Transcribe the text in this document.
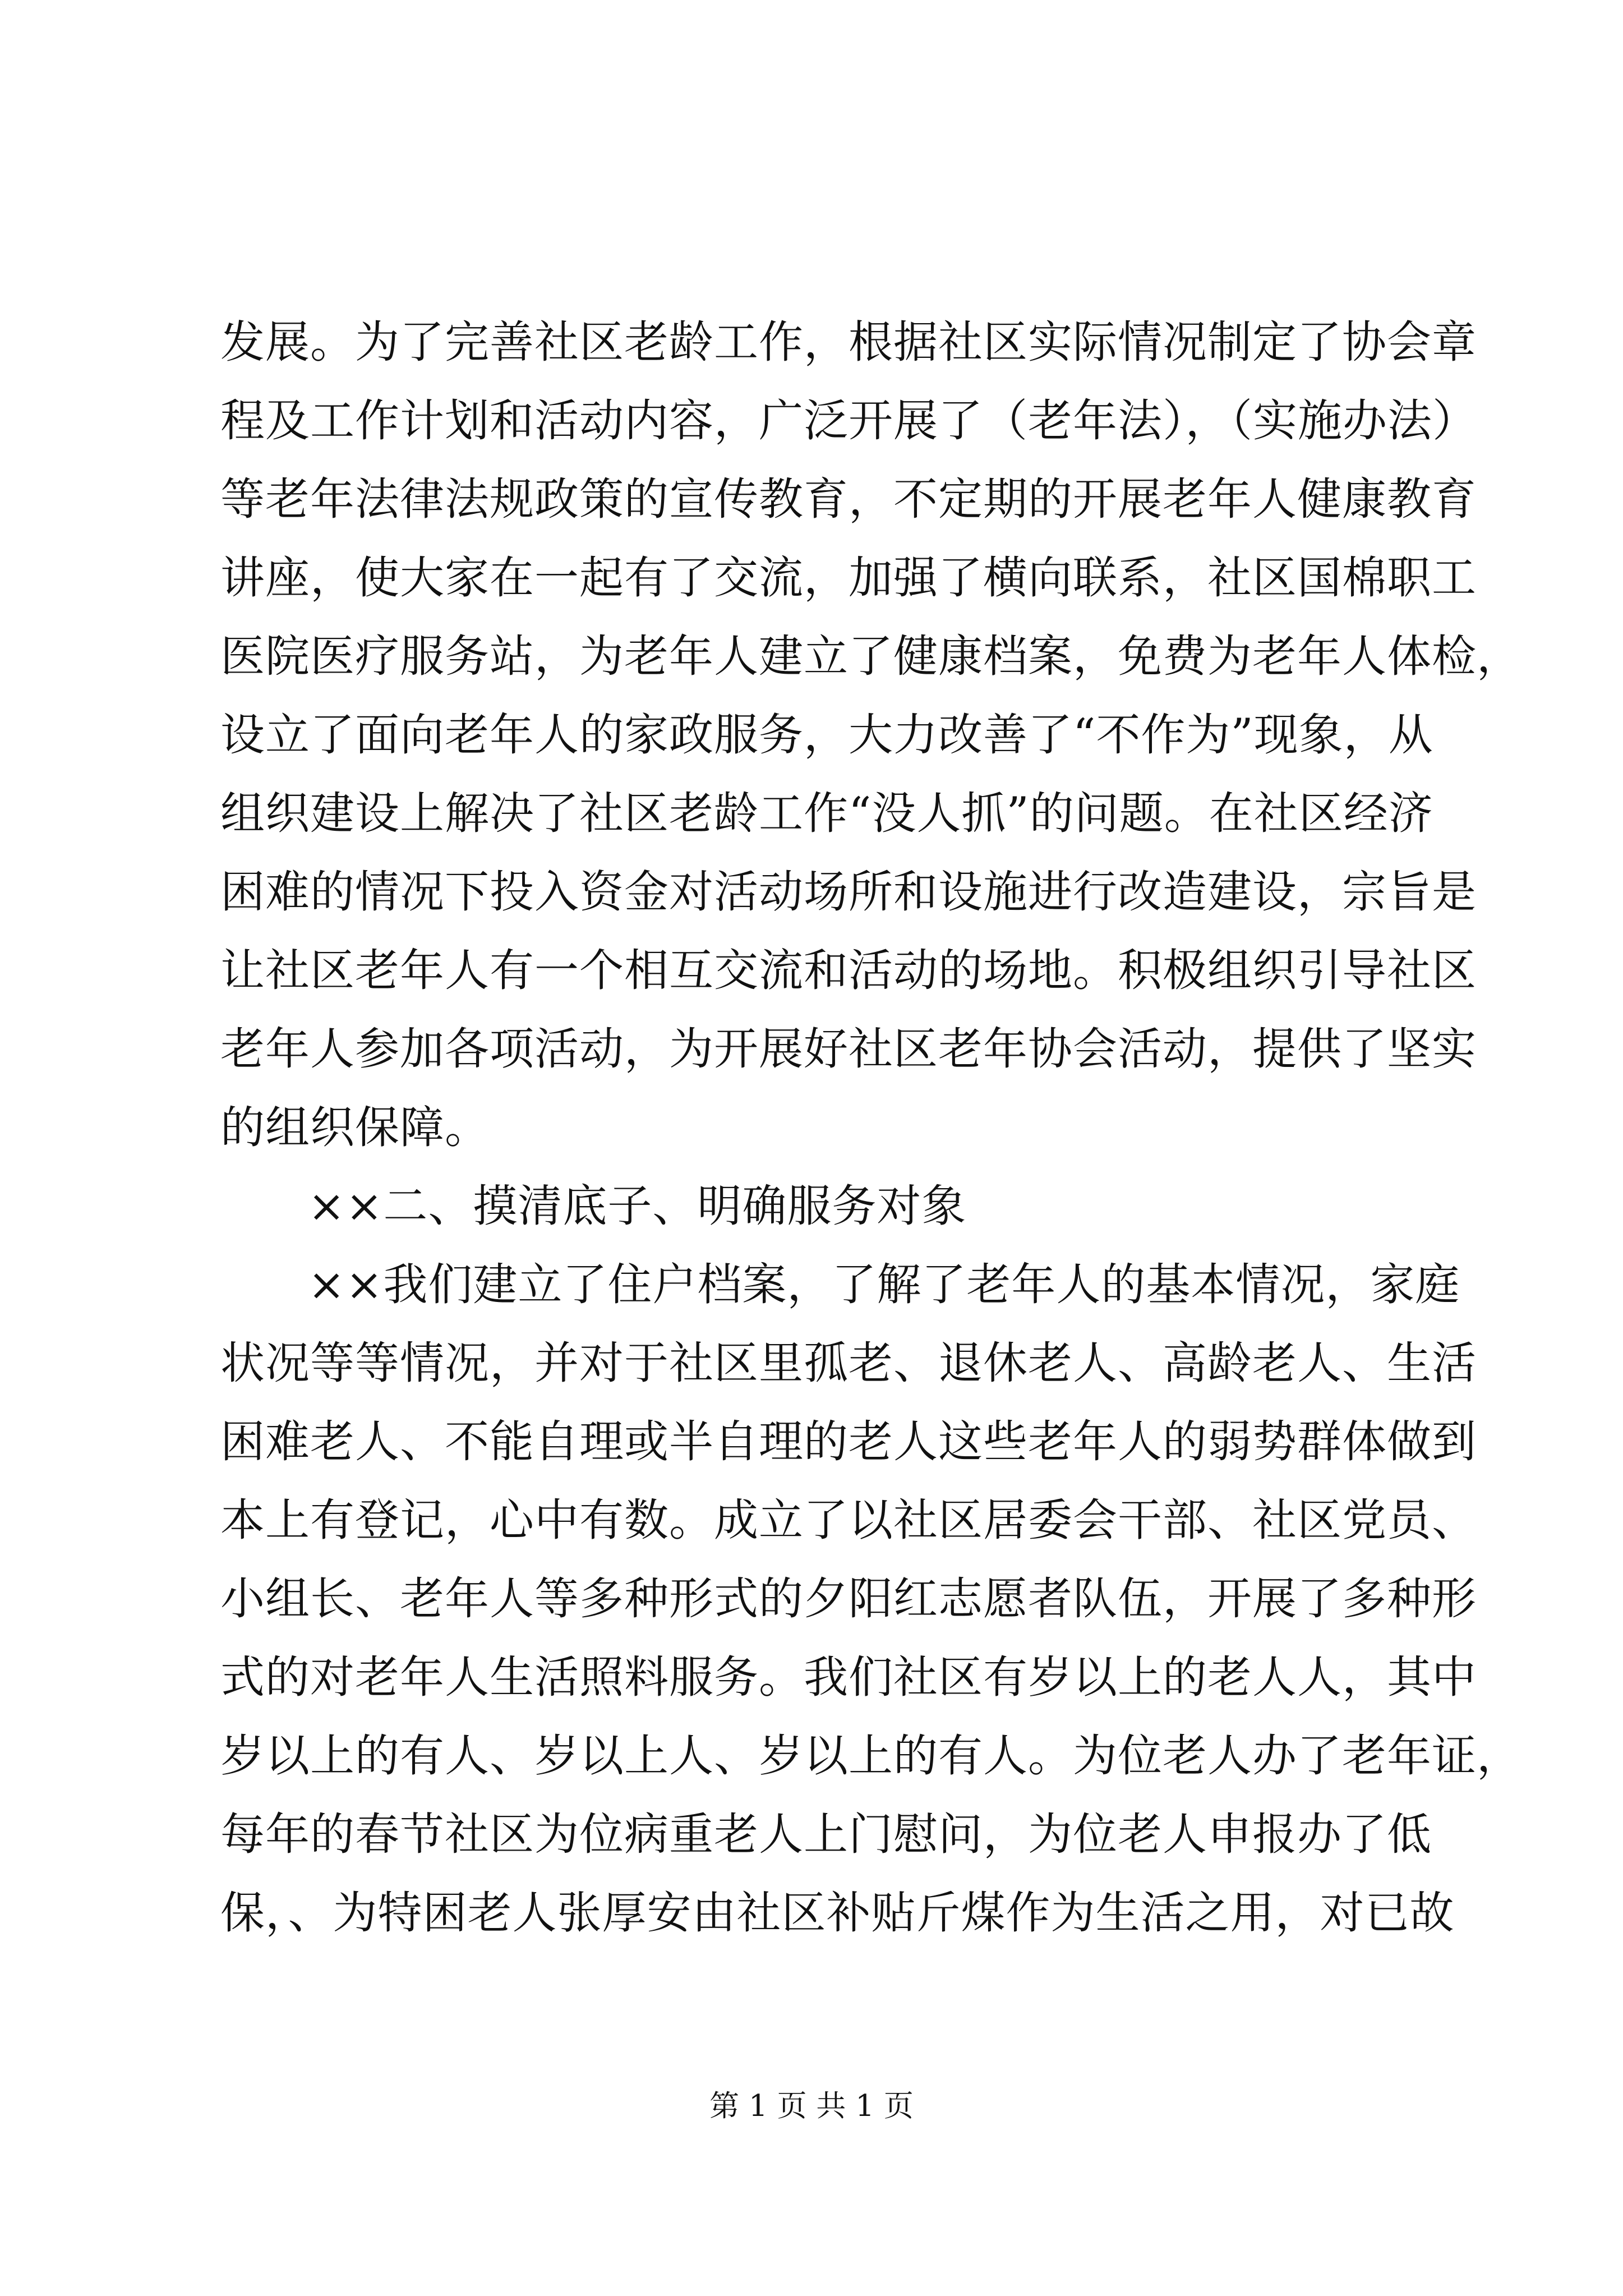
发展。为了完善社区老龄工作，根据社区实际情况制定了协会章
程及工作计划和活动内容，广泛开展了（老年法），（实施办法）
等老年法律法规政策的宣传教育，不定期的开展老年人健康教育
讲座，使大家在一起有了交流，加强了横向联系，社区国棉职工
医院医疗服务站，为老年人建立了健康档案，免费为老年人体检，
设立了面向老年人的家政服务，大力改善了“不作为”现象，从
组织建设上解决了社区老龄工作“没人抓”的问题。在社区经济
困难的情况下投入资金对活动场所和设施进行改造建设，宗旨是
让社区老年人有一个相互交流和活动的场地。积极组织引导社区
老年人参加各项活动，为开展好社区老年协会活动，提供了坚实
的组织保障。
××二、摸清底子、明确服务对象
××我们建立了住户档案，了解了老年人的基本情况，家庭
状况等等情况，并对于社区里孤老、退休老人、高龄老人、生活
困难老人、不能自理或半自理的老人这些老年人的弱势群体做到
本上有登记，心中有数。成立了以社区居委会干部、社区党员、
小组长、老年人等多种形式的夕阳红志愿者队伍，开展了多种形
式的对老年人生活照料服务。我们社区有岁以上的老人人，其中
岁以上的有人、岁以上人、岁以上的有人。为位老人办了老年证，
每年的春节社区为位病重老人上门慰问，为位老人申报办了低
保，、为特困老人张厚安由社区补贴斤煤作为生活之用，对已故
第 1 页 共 1 页
